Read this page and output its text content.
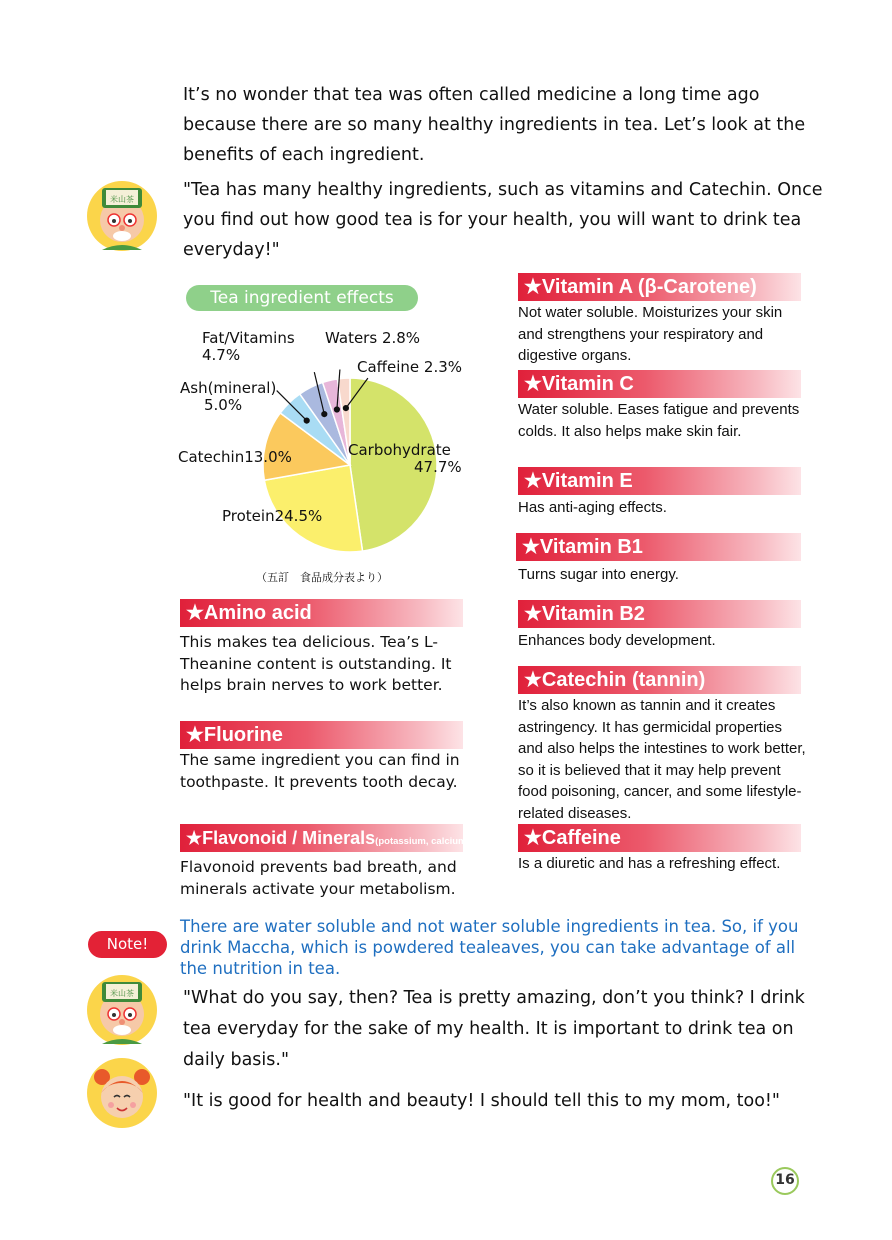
It’s no wonder that tea was often called medicine a long time ago because there are so many healthy ingredients in tea. Let’s look at the benefits of each ingredient.
米山茶	"Tea has many healthy ingredients, such as vitamins and Catechin. Once you find out how good tea is for your health, you will want to drink tea everyday!"
Tea ingredient effects
Fat/Vitamins
4.7%
Waters 2.8%
Caffeine 2.3%
Ash(mineral)
5.0%
Catechin13.0%	Carbohydrate
47.7%
Protein24.5%
（五訂　食品成分表より）
★Amino acid
This makes tea delicious. Tea’s L-Theanine content is outstanding. It helps brain nerves to work better.
★Fluorine
The same ingredient you can find in toothpaste. It prevents tooth decay.
★Flavonoid / Minerals(potassium, calcium, etc)
Flavonoid prevents bad breath, and minerals activate your metabolism.
★Vitamin A (β-Carotene)
Not water soluble. Moisturizes your skin and strengthens your respiratory and digestive organs.
★Vitamin C
Water soluble. Eases fatigue and prevents colds. It also helps make skin fair.
★Vitamin E
Has anti-aging effects.
★Vitamin B1
Turns sugar into energy.
★Vitamin B2
Enhances body development.
★Catechin (tannin)
It’s also known as tannin and it creates astringency. It has germicidal properties and also helps the intestines to work better, so it is believed that it may help prevent food poisoning, cancer, and some lifestyle-related diseases.
★Caffeine
Is a diuretic and has a refreshing effect.
Note!
There are water soluble and not water soluble ingredients in tea. So, if you drink Maccha, which is powdered tealeaves, you can take advantage of all the nutrition in tea.
米山茶	"What do you say, then? Tea is pretty amazing, don’t you think? I drink tea everyday for the sake of my health. It is important to drink tea on daily basis."
"It is good for health and beauty! I should tell this to my mom, too!"
16
